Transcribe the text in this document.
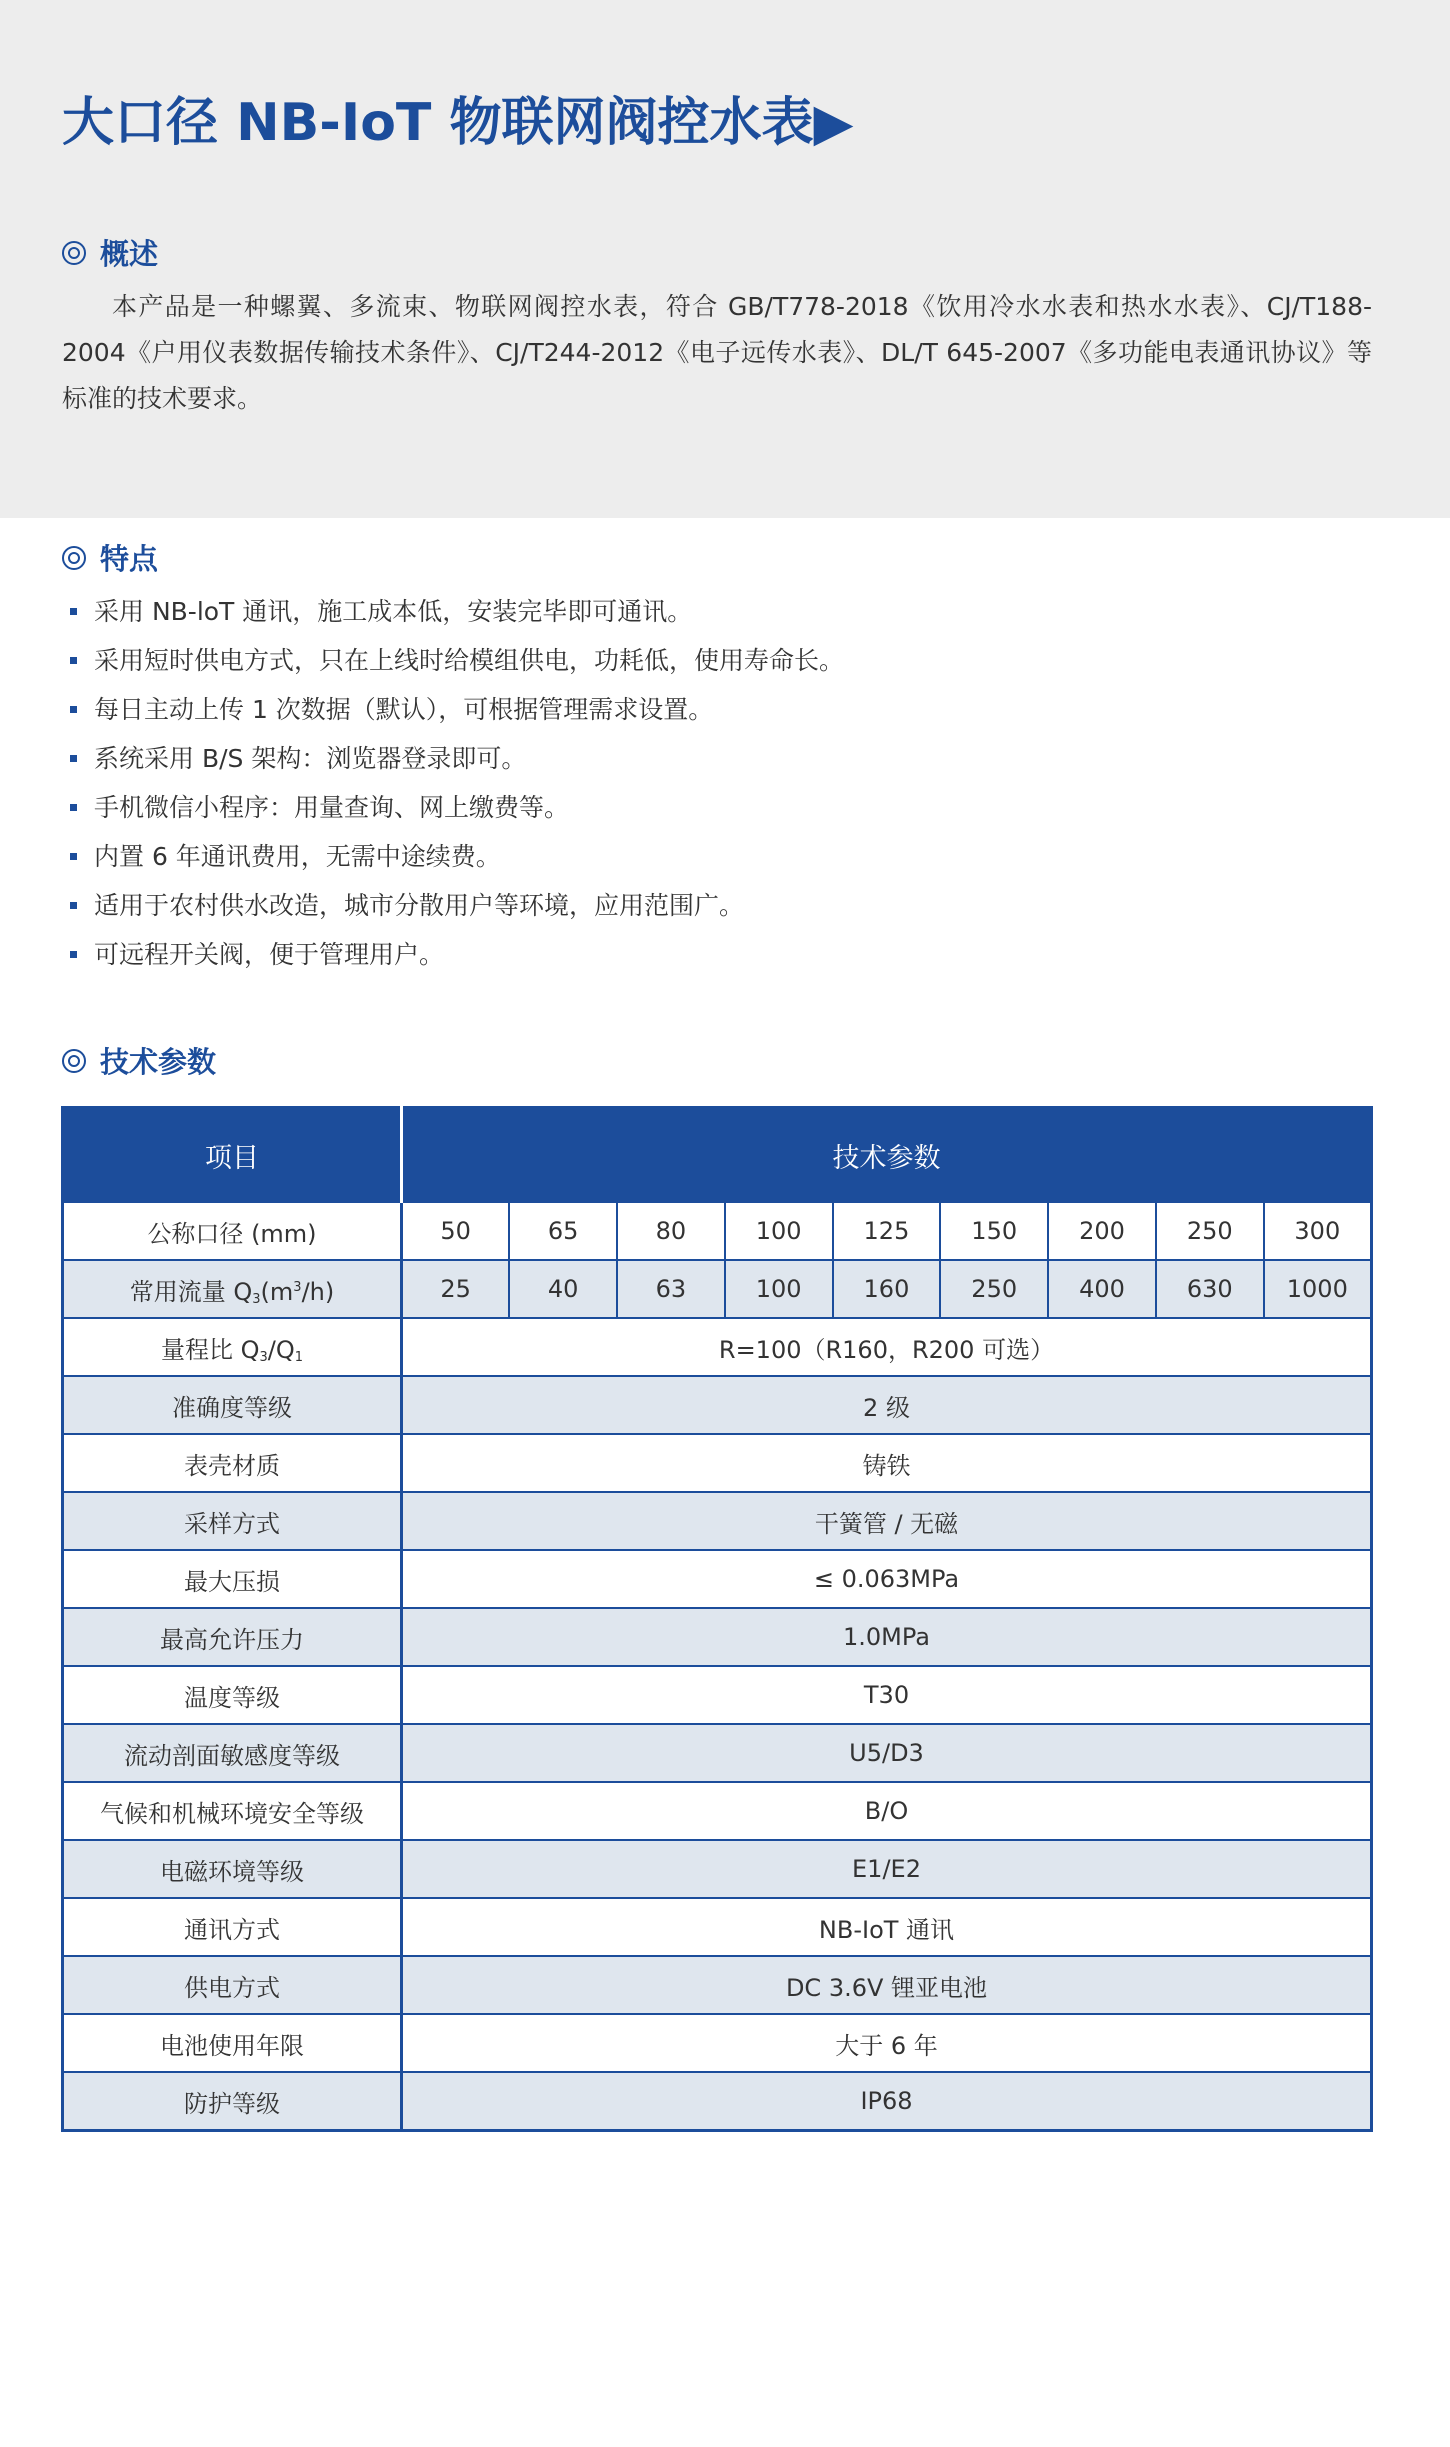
大口径 NB-IoT 物联网阀控水表▶
概述

本产品是一种螺翼、多流束、物联网阀控水表，符合 GB/T778-2018《饮用冷水水表和热水水表》、CJ/T188-2004《户用仪表数据传输技术条件》、CJ/T244-2012《电子远传水表》、DL/T 645-2007《多功能电表通讯协议》等标准的技术要求。

特点
采用 NB-loT 通讯，施工成本低，安装完毕即可通讯。
采用短时供电方式，只在上线时给模组供电，功耗低，使用寿命长。
每日主动上传 1 次数据（默认），可根据管理需求设置。
系统采用 B/S 架构：浏览器登录即可。
手机微信小程序：用量查询、网上缴费等。
内置 6 年通讯费用，无需中途续费。
适用于农村供水改造，城市分散用户等环境，应用范围广。
可远程开关阀，便于管理用户。
技术参数
项目	技术参数								
公称口径 (mm)	50	65	80	100	125	150	200	250	300
常用流量 $Q_3(m^3/h)$	25	40	63	100	160	250	400	630	1000
量程比 $Q_3/Q_1$	R=100（R160，R200 可选）								
准确度等级	2 级								
表壳材质	铸铁								
采样方式	干簧管 / 无磁								
最大压损	≤ 0.063MPa								
最高允许压力	1.0MPa								
温度等级	T30								
流动剖面敏感度等级	U5/D3								
气候和机械环境安全等级	B/O								
电磁环境等级	E1/E2								
通讯方式	NB-IoT 通讯								
供电方式	DC 3.6V 锂亚电池								
电池使用年限	大于 6 年								
防护等级	IP68								
